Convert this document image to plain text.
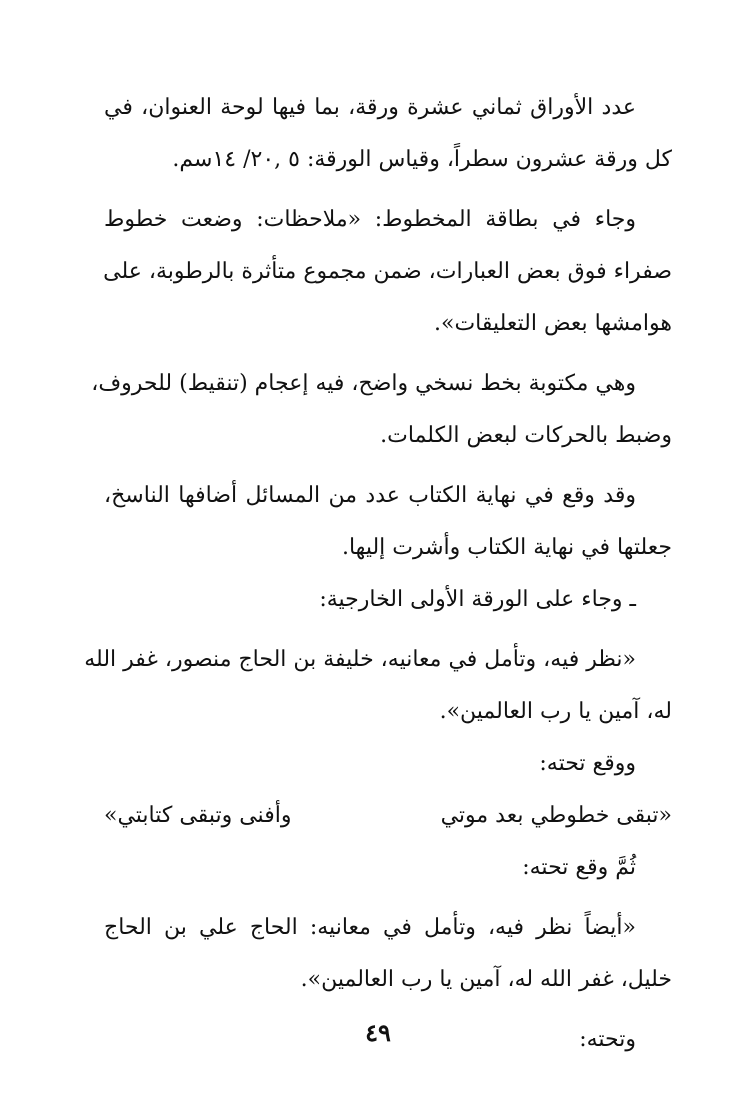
عدد الأوراق ثماني عشرة ورقة، بما فيها لوحة العنوان، في
كل ورقة عشرون سطراً، وقياس الورقة: ٥ ,٢٠/ ١٤سم.
وجاء في بطاقة المخطوط: «ملاحظات: وضعت خطوط
صفراء فوق بعض العبارات، ضمن مجموع متأثرة بالرطوبة، على
هوامشها بعض التعليقات».
وهي مكتوبة بخط نسخي واضح، فيه إعجام (تنقيط) للحروف،
وضبط بالحركات لبعض الكلمات.
وقد وقع في نهاية الكتاب عدد من المسائل أضافها الناسخ،
جعلتها في نهاية الكتاب وأشرت إليها.
ـ وجاء على الورقة الأولى الخارجية:
«نظر فيه، وتأمل في معانيه، خليفة بن الحاج منصور، غفر الله
له، آمين يا رب العالمين».
ووقع تحته:
«تبقى خطوطي بعد موتي
وأفنى وتبقى كتابتي»
ثُمَّ وقع تحته:
«أيضاً نظر فيه، وتأمل في معانيه: الحاج علي بن الحاج
خليل، غفر الله له، آمين يا رب العالمين».
وتحته:
٤٩
